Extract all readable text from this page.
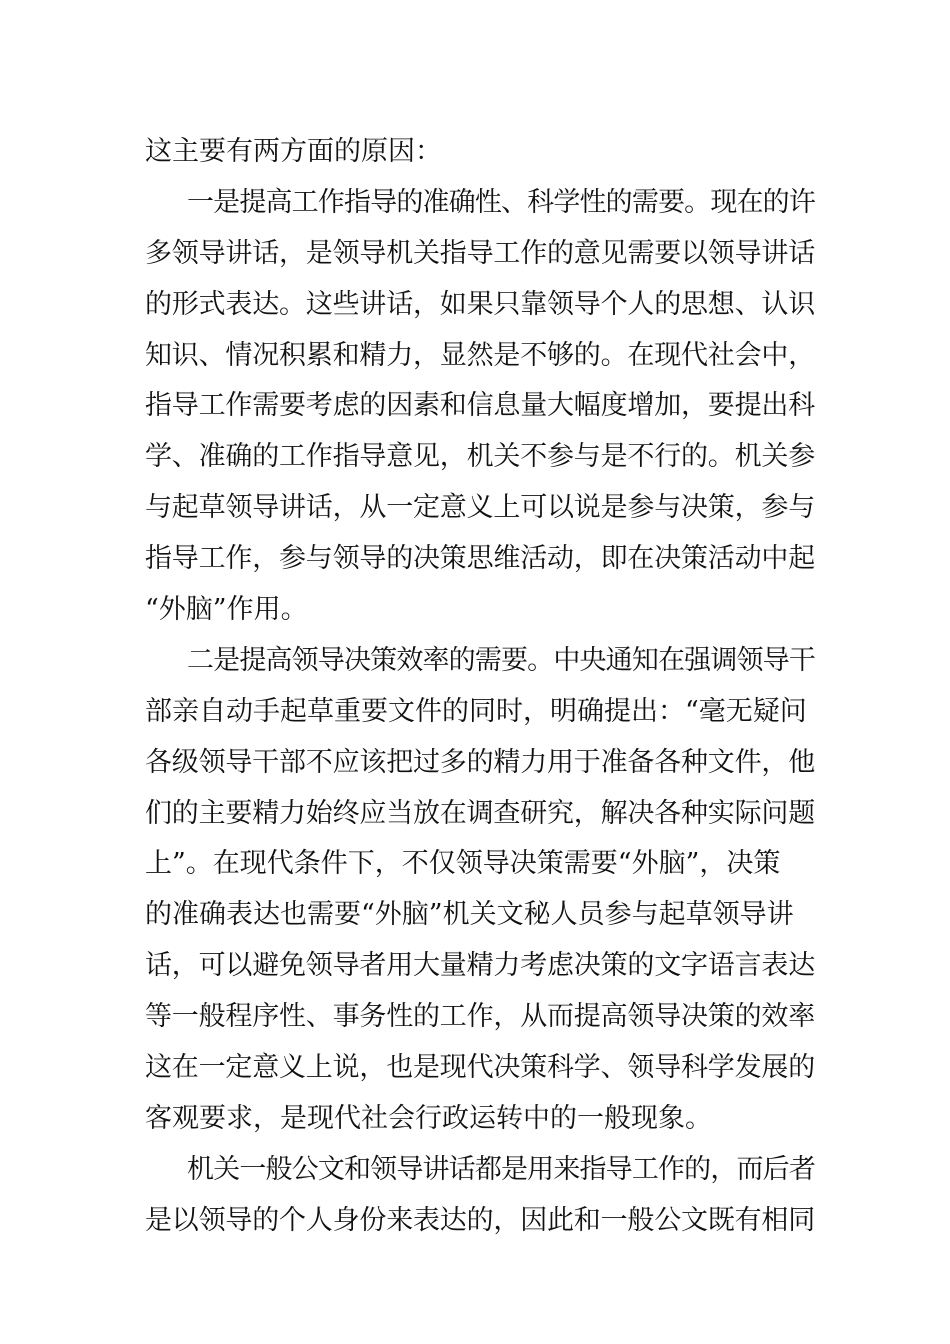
这主要有两方面的原因：
一是提高工作指导的准确性、科学性的需要。现在的许
多领导讲话，是领导机关指导工作的意见需要以领导讲话
的形式表达。这些讲话，如果只靠领导个人的思想、认识
知识、情况积累和精力，显然是不够的。在现代社会中，
指导工作需要考虑的因素和信息量大幅度增加，要提出科
学、准确的工作指导意见，机关不参与是不行的。机关参
与起草领导讲话，从一定意义上可以说是参与决策，参与
指导工作，参与领导的决策思维活动，即在决策活动中起
“外脑”作用。
二是提高领导决策效率的需要。中央通知在强调领导干
部亲自动手起草重要文件的同时，明确提出：“毫无疑问
各级领导干部不应该把过多的精力用于准备各种文件，他
们的主要精力始终应当放在调查研究，解决各种实际问题
上”。在现代条件下，不仅领导决策需要“外脑”，决策
的准确表达也需要“外脑”机关文秘人员参与起草领导讲
话，可以避免领导者用大量精力考虑决策的文字语言表达
等一般程序性、事务性的工作，从而提高领导决策的效率
这在一定意义上说，也是现代决策科学、领导科学发展的
客观要求，是现代社会行政运转中的一般现象。
机关一般公文和领导讲话都是用来指导工作的，而后者
是以领导的个人身份来表达的，因此和一般公文既有相同
